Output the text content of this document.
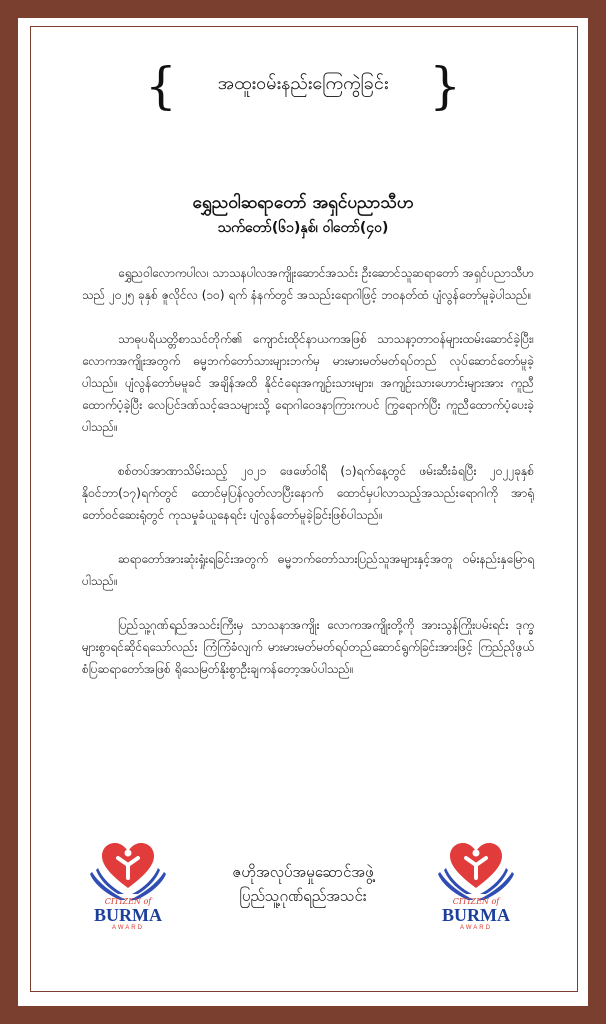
{	အထူးဝမ်းနည်းကြေကွဲခြင်း }
ရွှေညဝါဆရာတော် အရှင်ပညာသီဟ
သက်တော်(၆၁)နှစ်၊ ဝါတော်(၄၀)

ရွှေညဝါလောကပါလ၊ သာသနပါလအကျိုးဆောင်အသင်း ဦးဆောင်သူဆရာတော် အရှင်ပညာသီဟသည် ၂၀၂၅ ခုနှစ် ဇူလိုင်လ (၁၀) ရက် နံနက်တွင် အသည်းရောဂါဖြင့် ဘဝနတ်ထံ ပျံလွန်တော်မူခဲ့ပါသည်။

သာဓုပရိယတ္တိစာသင်တိုက်၏ ကျောင်းထိုင်နာယကအဖြစ် သာသနာ့တာဝန်များထမ်းဆောင်ခဲ့ပြီး၊ လောကအကျိုးအတွက် ဓမ္မဘက်တော်သားများဘက်မှ မားမားမတ်မတ်ရပ်တည် လုပ်ဆောင်တော်မူခဲ့ပါသည်။ ပျံလွန်တော်မမူခင် အချိန်အထိ နိုင်ငံရေးအကျဉ်းသားများ၊ အကျဉ်းသားဟောင်းများအား ကူညီထောက်ပံ့ခဲ့ပြီး လေပြင်ဒဏ်သင့်ဒေသများသို့ ရောဂါဝေဒနာကြားကပင် ကြွရောက်ပြီး ကူညီထောက်ပံ့ပေးခဲ့ပါသည်။

စစ်တပ်အာဏာသိမ်းသည့် ၂၀၂၁ ဖေဖော်ဝါရီ (၁)ရက်နေ့တွင် ဖမ်းဆီးခံရပြီး ၂၀၂၂ခုနှစ် နိုဝင်ဘာ(၁၇)ရက်တွင် ထောင်မှပြန်လွတ်လာပြီးနောက် ထောင်မှပါလာသည့်အသည်းရောဂါကို အာရုံတော်ဝင်ဆေးရုံတွင် ကုသမှုခံယူနေရင်း ပျံလွန်တော်မူခဲ့ခြင်းဖြစ်ပါသည်။

ဆရာတော်အားဆုံးရှုံးရခြင်းအတွက် ဓမ္မဘက်တော်သားပြည်သူအများနှင့်အတူ ဝမ်းနည်းနှမြောရပါသည်။

ပြည်သူ့ဂုဏ်ရည်အသင်းကြီးမှ သာသနာအကျိုး လောကအကျိုးတို့ကို အားသွန်ကြိုးပမ်းရင်း ဒုက္ခများစွာရင်ဆိုင်ရသော်လည်း ကြံကြံခံလျက် မားမားမတ်မတ်ရပ်တည်ဆောင်ရွက်ခြင်းအားဖြင့် ကြည်ညိုဖွယ်စံပြဆရာတော်အဖြစ် ရိုသေမြတ်နိုးစွာဦးချကန်တော့အပ်ပါသည်။

CITIZEN of
BURMA
AWARD
ဇဟိုအလုပ်အမှုဆောင်အဖွဲ့
ပြည်သူ့ဂုဏ်ရည်အသင်း	CITIZEN of
BURMA
AWARD
